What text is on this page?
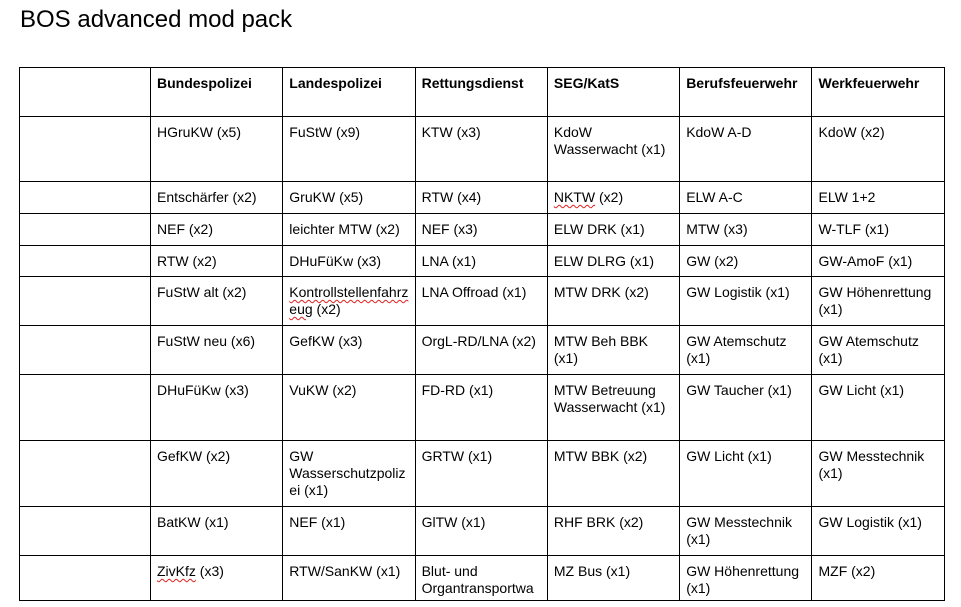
BOS advanced mod pack
	Bundespolizei	Landespolizei	Rettungsdienst	SEG/KatS	Berufsfeuerwehr	Werkfeuerwehr
	HGruKW (x5)	FuStW (x9)	KTW (x3)	KdoW Wasserwacht (x1)	KdoW A-D	KdoW (x2)
	Entschärfer (x2)	GruKW (x5)	RTW (x4)	NKTW (x2)	ELW A-C	ELW 1+2
	NEF (x2)	leichter MTW (x2)	NEF (x3)	ELW DRK (x1)	MTW (x3)	W-TLF (x1)
	RTW (x2)	DHuFüKw (x3)	LNA (x1)	ELW DLRG (x1)	GW (x2)	GW-AmoF (x1)
	FuStW alt (x2)	Kontrollstellenfahrzeug (x2)	LNA Offroad (x1)	MTW DRK (x2)	GW Logistik (x1)	GW Höhenrettung (x1)
	FuStW neu (x6)	GefKW (x3)	OrgL-RD/LNA (x2)	MTW Beh BBK (x1)	GW Atemschutz (x1)	GW Atemschutz (x1)
	DHuFüKw (x3)	VuKW (x2)	FD-RD (x1)	MTW Betreuung Wasserwacht (x1)	GW Taucher (x1)	GW Licht (x1)
	GefKW (x2)	GW Wasserschutzpolizei (x1)	GRTW (x1)	MTW BBK (x2)	GW Licht (x1)	GW Messtechnik (x1)
	BatKW (x1)	NEF (x1)	GlTW (x1)	RHF BRK (x2)	GW Messtechnik (x1)	GW Logistik (x1)
	ZivKfz (x3)	RTW/SanKW (x1)	Blut- und Organtransportwa	MZ Bus (x1)	GW Höhenrettung (x1)	MZF (x2)
